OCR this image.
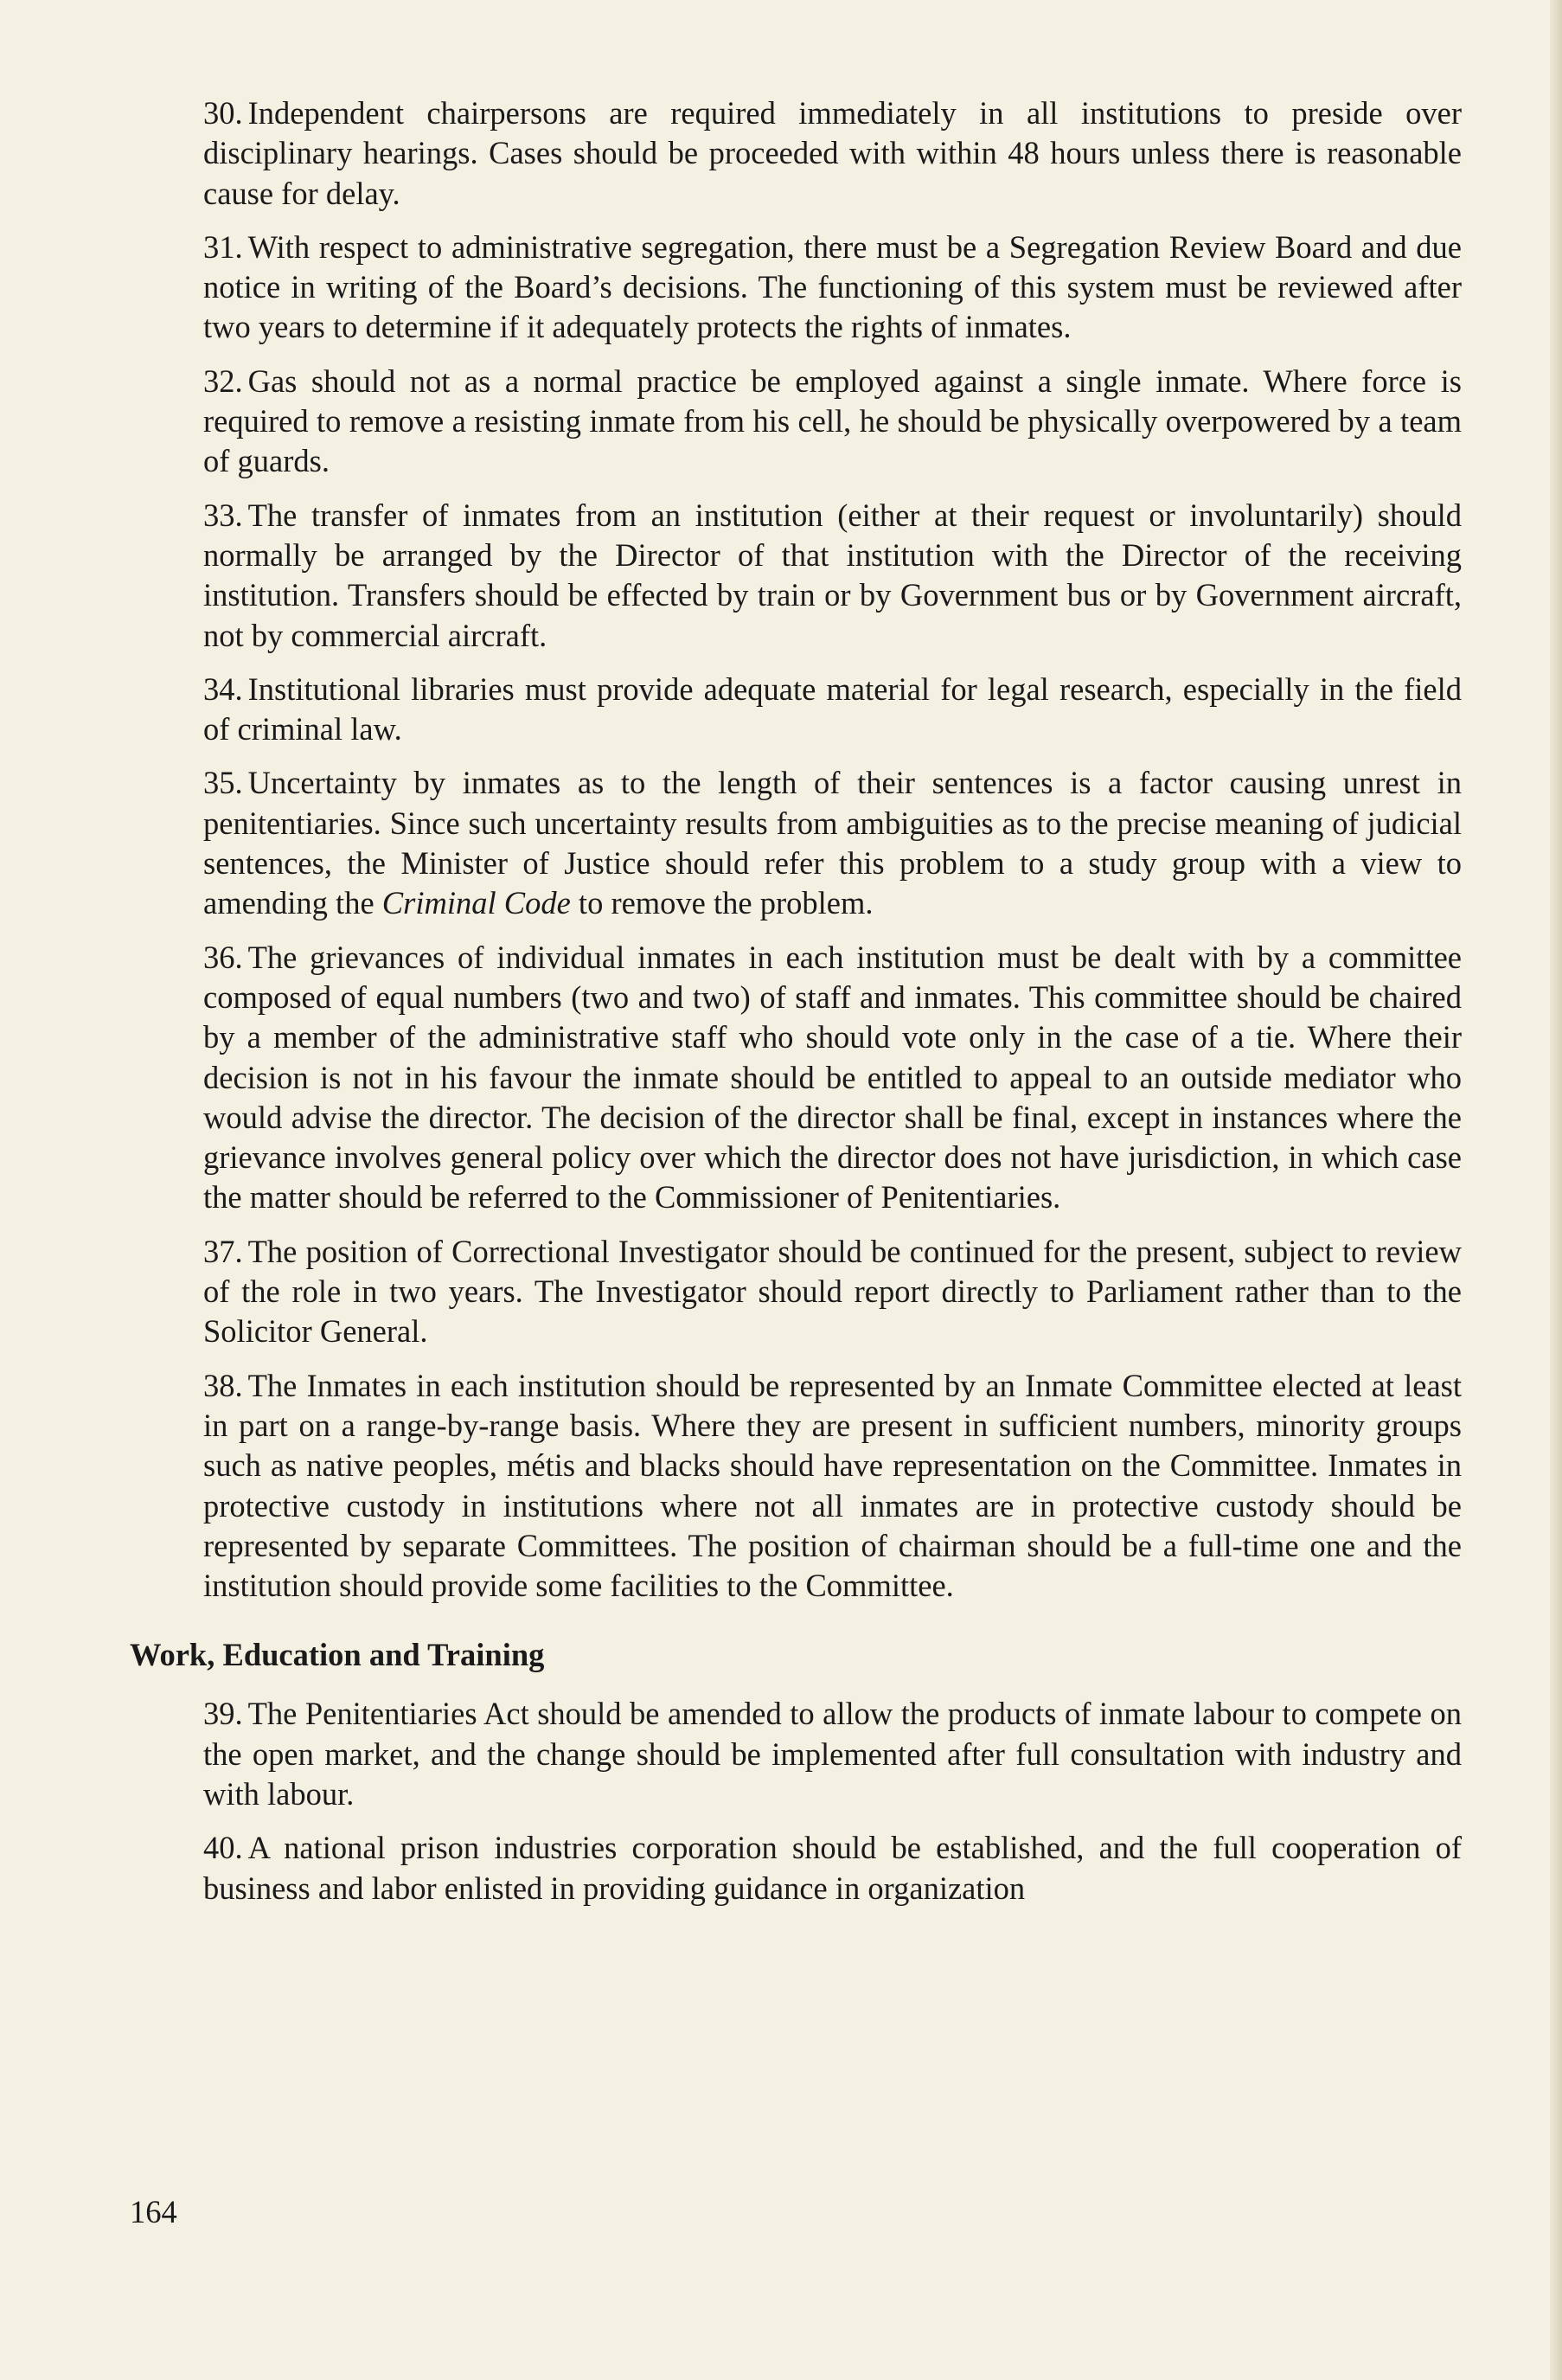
30. Independent chairpersons are required immediately in all institutions to preside over disciplinary hearings. Cases should be proceeded with within 48 hours unless there is reasonable cause for delay.

31. With respect to administrative segregation, there must be a Segregation Review Board and due notice in writing of the Board’s decisions. The functioning of this system must be reviewed after two years to determine if it adequately protects the rights of inmates.

32. Gas should not as a normal practice be employed against a single inmate. Where force is required to remove a resisting inmate from his cell, he should be physically overpowered by a team of guards.

33. The transfer of inmates from an institution (either at their request or involuntarily) should normally be arranged by the Director of that institution with the Director of the receiving institution. Transfers should be effected by train or by Government bus or by Government aircraft, not by commercial aircraft.

34. Institutional libraries must provide adequate material for legal research, especially in the field of criminal law.

35. Uncertainty by inmates as to the length of their sentences is a factor causing unrest in penitentiaries. Since such uncertainty results from ambiguities as to the precise meaning of judicial sentences, the Minister of Justice should refer this problem to a study group with a view to amending the Criminal Code to remove the problem.

36. The grievances of individual inmates in each institution must be dealt with by a committee composed of equal numbers (two and two) of staff and inmates. This committee should be chaired by a member of the administrative staff who should vote only in the case of a tie. Where their decision is not in his favour the inmate should be entitled to appeal to an outside mediator who would advise the director. The decision of the director shall be final, except in instances where the grievance involves general policy over which the director does not have jurisdiction, in which case the matter should be referred to the Commissioner of Penitentiaries.

37. The position of Correctional Investigator should be continued for the present, subject to review of the role in two years. The Investigator should report directly to Parliament rather than to the Solicitor General.

38. The Inmates in each institution should be represented by an Inmate Committee elected at least in part on a range-by-range basis. Where they are present in sufficient numbers, minority groups such as native peoples, métis and blacks should have representation on the Committee. Inmates in protective custody in institutions where not all inmates are in protective custody should be represented by separate Committees. The position of chairman should be a full-time one and the institution should provide some facilities to the Committee.

Work, Education and Training

39. The Penitentiaries Act should be amended to allow the products of inmate labour to compete on the open market, and the change should be implemented after full consultation with industry and with labour.

40. A national prison industries corporation should be established, and the full cooperation of business and labor enlisted in providing guidance in organization

164
